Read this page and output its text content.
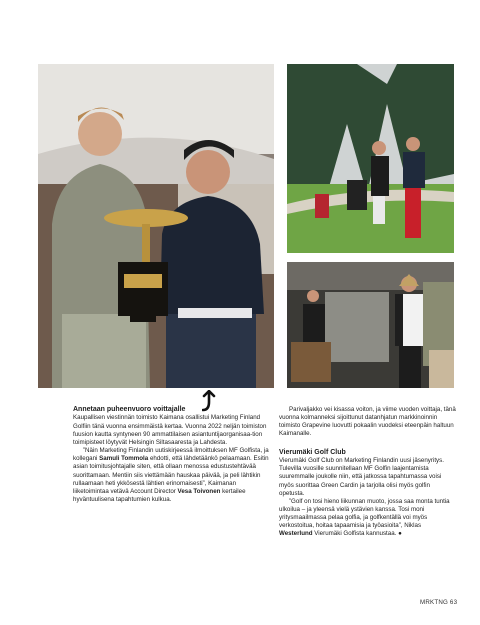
Annetaan puheenvuoro voittajalle

Kaupallisen viestinnän toimisto Kaimana osallistui Marketing Finland Golfiin tänä vuonna ensimmäistä kertaa. Vuonna 2022 neljän toimiston fuusion kautta syntyneen 90 ammattilaisen asiantuntijaorganisaa-tion toimipisteet löytyvät Helsingin Siltasaaresta ja Lahdesta.

”Näin Marketing Finlandin uutiskirjeessä ilmoittuksen MF Golfista, ja kollegani Samuli Tommola ehdotti, että lähdetäänkö pelaamaan. Esitin asian toimitusjohtajalle siten, että ollaan menossa edustustehtävää suorittamaan. Mentiin siis viettämään hauskaa päivää, ja peli lähtikin rullaamaan heti ykkösestä lähtien erinomaisesti”, Kaimanan liiketoimintaa vetävä Account Director Vesa Toivonen kertailee hyväntuulisena tapahtumien kulkua.

Parivaljakko vei kisassa voiton, ja viime vuoden voittaja, tänä vuonna kolmanneksi sijoittunut datanhjatun markkinoinnin toimisto Grapevine luovutti pokaalin vuodeksi eteenpäin haltuun Kaimanalle.

Vierumäki Golf Club

Vierumäki Golf Club on Marketing Finlandin uusi jäsenyritys. Tulevilla vuosille suunnitellaan MF Golfin laajentamista suuremmalle joukolle niin, että jatkossa tapahtumassa voisi myös suorittaa Green Cardin ja tarjolla olisi myös golfin opetusta.

”Golf on tosi hieno liikunnan muoto, jossa saa monta tuntia ulkoilua – ja yleensä vielä ystävien kanssa. Tosi moni yritysmaailmassa pelaa golfia, ja golfkentällä voi myös verkostoitua, hoitaa tapaamisia ja työasioita”, Niklas Westerlund Vierumäki Golfista kannustaa. ●

MRKTNG 63
